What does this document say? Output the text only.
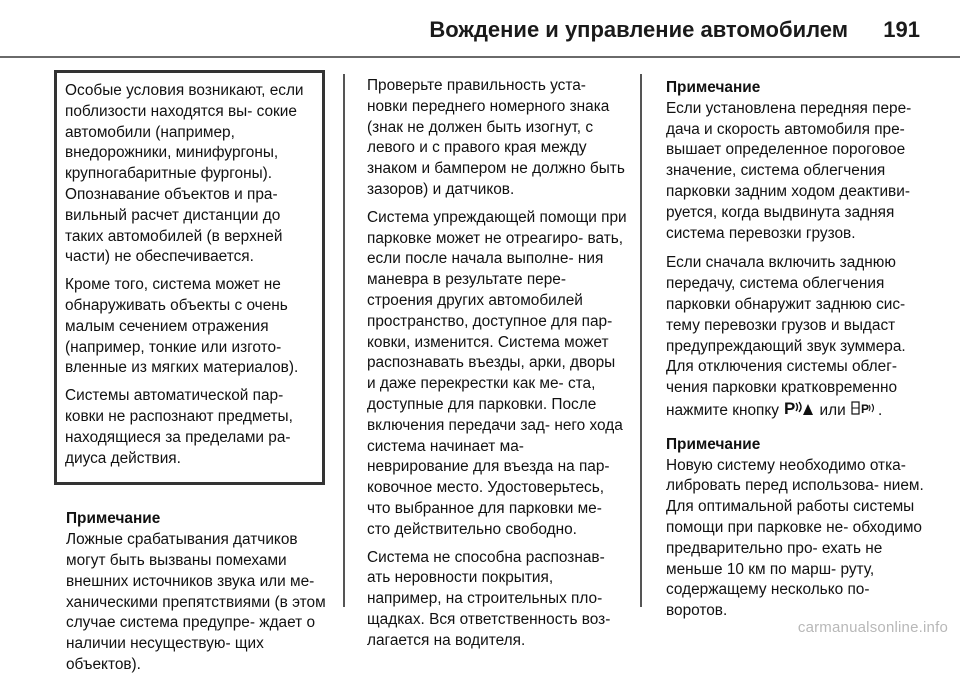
Вождение и управление автомобилем 191

Особые условия возникают, если поблизости находятся вы- сокие автомобили (например, внедорожники, минифургоны, крупногабаритные фургоны). Опознавание объектов и пра- вильный расчет дистанции до таких автомобилей (в верхней части) не обеспечивается.

Кроме того, система может не обнаруживать объекты с очень малым сечением отражения (например, тонкие или изгото- вленные из мягких материалов).

Системы автоматической пар- ковки не распознают предметы, находящиеся за пределами ра- диуса действия.

Примечание
Ложные срабатывания датчиков могут быть вызваны помехами внешних источников звука или ме- ханическими препятствиями (в этом случае система предупре- ждает о наличии несуществую- щих объектов).

Проверьте правильность уста- новки переднего номерного знака (знак не должен быть изогнут, с левого и с правого края между знаком и бампером не должно быть зазоров) и датчиков.

Система упреждающей помощи при парковке может не отреагиро- вать, если после начала выполне- ния маневра в результате пере- строения других автомобилей пространство, доступное для пар- ковки, изменится. Система может распознавать въезды, арки, дворы и даже перекрестки как ме- ста, доступные для парковки. После включения передачи зад- него хода система начинает ма- неврирование для въезда на пар- ковочное место. Удостоверьтесь, что выбранное для парковки ме- сто действительно свободно.

Система не способна распознав- ать неровности покрытия, например, на строительных пло- щадках. Вся ответственность воз- лагается на водителя.

Примечание
Если установлена передняя пере- дача и скорость автомобиля пре- вышает определенное пороговое значение, система облегчения парковки задним ходом деактиви- руется, когда выдвинута задняя система перевозки грузов.

Если сначала включить заднюю передачу, система облегчения парковки обнаружит заднюю сис- тему перевозки грузов и выдаст предупреждающий звук зуммера. Для отключения системы облег- чения парковки кратковременно нажмите кнопку P или P .

Примечание
Новую систему необходимо отка- либровать перед использова- нием. Для оптимальной работы системы помощи при парковке не- обходимо предварительно про- ехать не меньше 10 км по марш- руту, содержащему несколько по- воротов.
carmanualsonline.info
